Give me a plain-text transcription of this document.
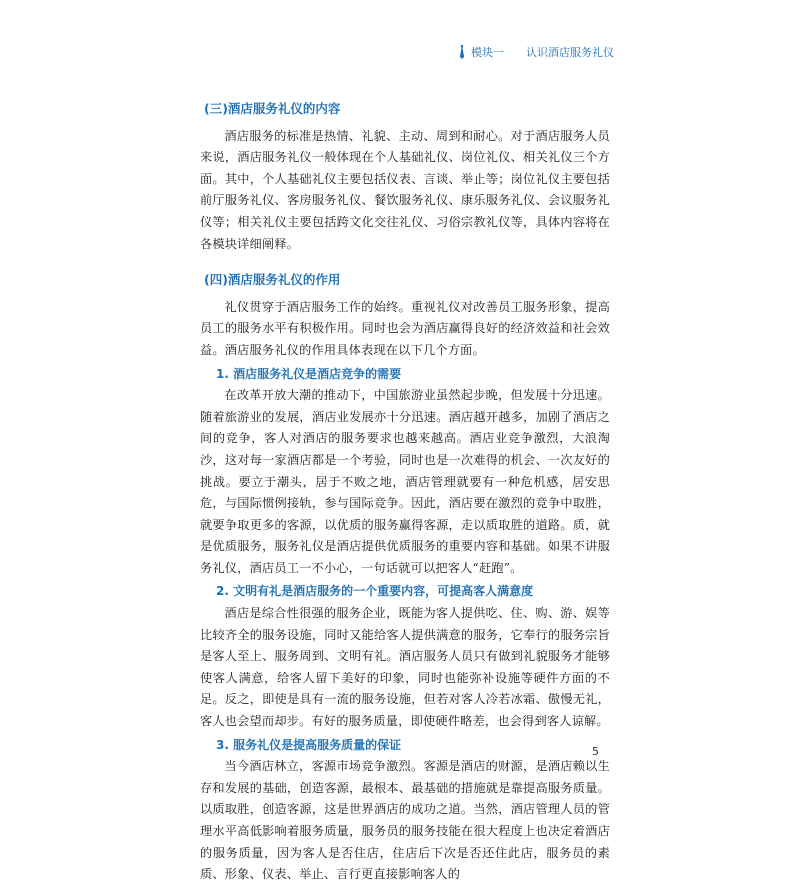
模块一 认识酒店服务礼仪
(三)酒店服务礼仪的内容

酒店服务的标准是热情、礼貌、主动、周到和耐心。对于酒店服务人员来说，酒店服务礼仪一般体现在个人基础礼仪、岗位礼仪、相关礼仪三个方面。其中，个人基础礼仪主要包括仪表、言谈、举止等；岗位礼仪主要包括前厅服务礼仪、客房服务礼仪、餐饮服务礼仪、康乐服务礼仪、会议服务礼仪等；相关礼仪主要包括跨文化交往礼仪、习俗宗教礼仪等，具体内容将在各模块详细阐释。

(四)酒店服务礼仪的作用

礼仪贯穿于酒店服务工作的始终。重视礼仪对改善员工服务形象，提高员工的服务水平有积极作用。同时也会为酒店赢得良好的经济效益和社会效益。酒店服务礼仪的作用具体表现在以下几个方面。

1. 酒店服务礼仪是酒店竞争的需要

在改革开放大潮的推动下，中国旅游业虽然起步晚，但发展十分迅速。随着旅游业的发展，酒店业发展亦十分迅速。酒店越开越多，加剧了酒店之间的竞争，客人对酒店的服务要求也越来越高。酒店业竞争激烈，大浪淘沙，这对每一家酒店都是一个考验，同时也是一次难得的机会、一次友好的挑战。要立于潮头，居于不败之地，酒店管理就要有一种危机感，居安思危，与国际惯例接轨，参与国际竞争。因此，酒店要在激烈的竞争中取胜，就要争取更多的客源，以优质的服务赢得客源，走以质取胜的道路。质，就是优质服务，服务礼仪是酒店提供优质服务的重要内容和基础。如果不讲服务礼仪，酒店员工一不小心，一句话就可以把客人“赶跑”。

2. 文明有礼是酒店服务的一个重要内容，可提高客人满意度

酒店是综合性很强的服务企业，既能为客人提供吃、住、购、游、娱等比较齐全的服务设施，同时又能给客人提供满意的服务，它奉行的服务宗旨是客人至上、服务周到、文明有礼。酒店服务人员只有做到礼貌服务才能够使客人满意，给客人留下美好的印象，同时也能弥补设施等硬件方面的不足。反之，即使是具有一流的服务设施，但若对客人冷若冰霜、傲慢无礼，客人也会望而却步。有好的服务质量，即使硬件略差，也会得到客人谅解。

3. 服务礼仪是提高服务质量的保证

当今酒店林立，客源市场竞争激烈。客源是酒店的财源，是酒店赖以生存和发展的基础，创造客源，最根本、最基础的措施就是靠提高服务质量。以质取胜，创造客源，这是世界酒店的成功之道。当然，酒店管理人员的管理水平高低影响着服务质量，服务员的服务技能在很大程度上也决定着酒店的服务质量，因为客人是否住店，住店后下次是否还住此店，服务员的素质、形象、仪表、举止、言行更直接影响客人的

5
